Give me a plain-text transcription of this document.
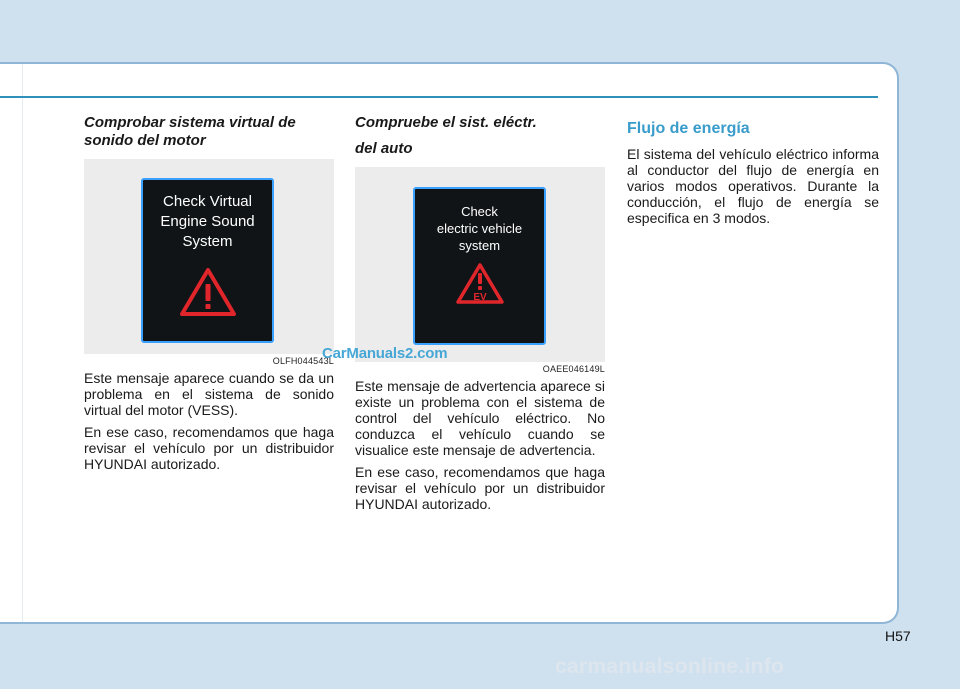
Comprobar sistema virtual de
sonido del motor
Check Virtual
Engine Sound
System
OLFH044543L

Este mensaje aparece cuando se da un problema en el sistema de sonido virtual del motor (VESS).

En ese caso, recomendamos que haga revisar el vehículo por un distribuidor HYUNDAI autorizado.

Compruebe el sist. eléctr.
del auto
Check
electric vehicle
system
EV
OAEE046149L

Este mensaje de advertencia aparece si existe un problema con el sistema de control del vehículo eléctrico. No conduzca el vehículo cuando se visualice este mensaje de advertencia.

En ese caso, recomendamos que haga revisar el vehículo por un distribuidor HYUNDAI autorizado.

Flujo de energía

El sistema del vehículo eléctrico informa al conductor del flujo de energía en varios modos operativos. Durante la conducción, el flujo de energía se especifica en 3 modos.

CarManuals2.com
H57
carmanualsonline.info
